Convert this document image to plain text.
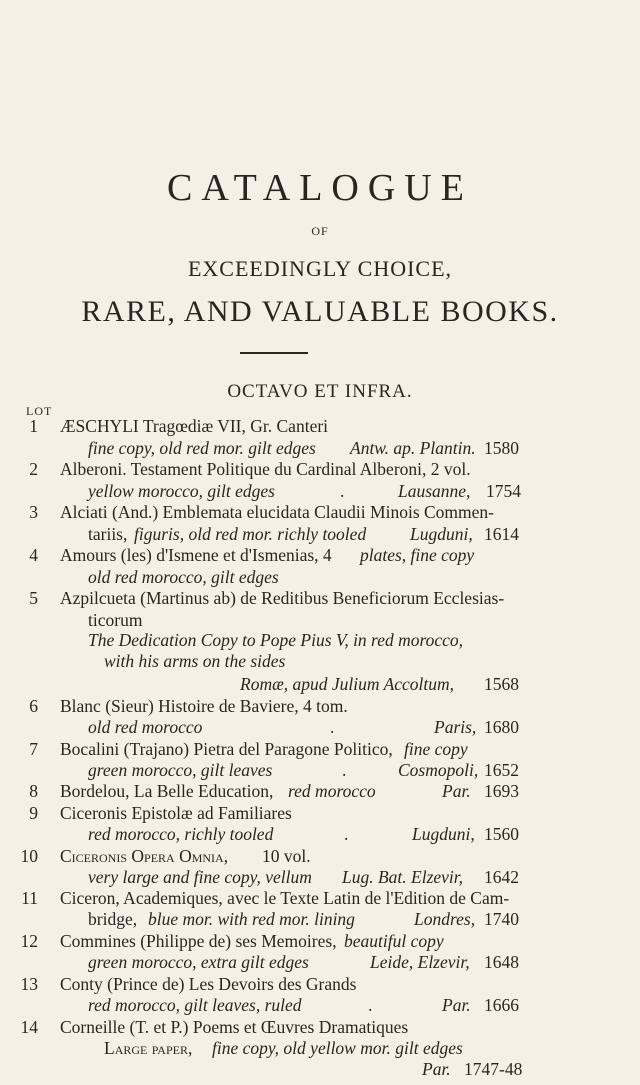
CATALOGUE
OF
EXCEEDINGLY CHOICE,
RARE, AND VALUABLE BOOKS.
OCTAVO ET INFRA.
LOT
1 ÆSCHYLI Tragœdiæ VII, Gr. Canteri
fine copy, old red mor. gilt edges Antw. ap. Plantin. 1580
2 Alberoni. Testament Politique du Cardinal Alberoni, 2 vol.
yellow morocco, gilt edges	.	Lausanne, 1754
3 Alciati (And.) Emblemata elucidata Claudii Minois Commen-
tariis, figuris, old red mor. richly tooled	Lugduni, 1614
4 Amours (les) d'Ismene et d'Ismenias, 4 plates, fine copy
old red morocco, gilt edges
5 Azpilcueta (Martinus ab) de Reditibus Beneficiorum Ecclesias-
ticorum
The Dedication Copy to Pope Pius V, in red morocco,
with his arms on the sides
Romæ, apud Julium Accoltum, 1568
6 Blanc (Sieur) Histoire de Baviere, 4 tom.
old red morocco	.	Paris, 1680
7 Bocalini (Trajano) Pietra del Paragone Politico, fine copy
green morocco, gilt leaves	.	Cosmopoli, 1652
8 Bordelou, La Belle Education, red morocco	Par. 1693
9 Ciceronis Epistolæ ad Familiares
red morocco, richly tooled	.	Lugduni, 1560
10 Ciceronis Opera Omnia, 10 vol.
very large and fine copy, vellum Lug. Bat. Elzevir, 1642
11 Ciceron, Academiques, avec le Texte Latin de l'Edition de Cam-
bridge, blue mor. with red mor. lining	Londres, 1740
12 Commines (Philippe de) ses Memoires, beautiful copy
green morocco, extra gilt edges	Leide, Elzevir, 1648
13 Conty (Prince de) Les Devoirs des Grands
red morocco, gilt leaves, ruled	.	Par. 1666
14 Corneille (T. et P.) Poems et Œuvres Dramatiques
Large paper, fine copy, old yellow mor. gilt edges
Par. 1747-48
